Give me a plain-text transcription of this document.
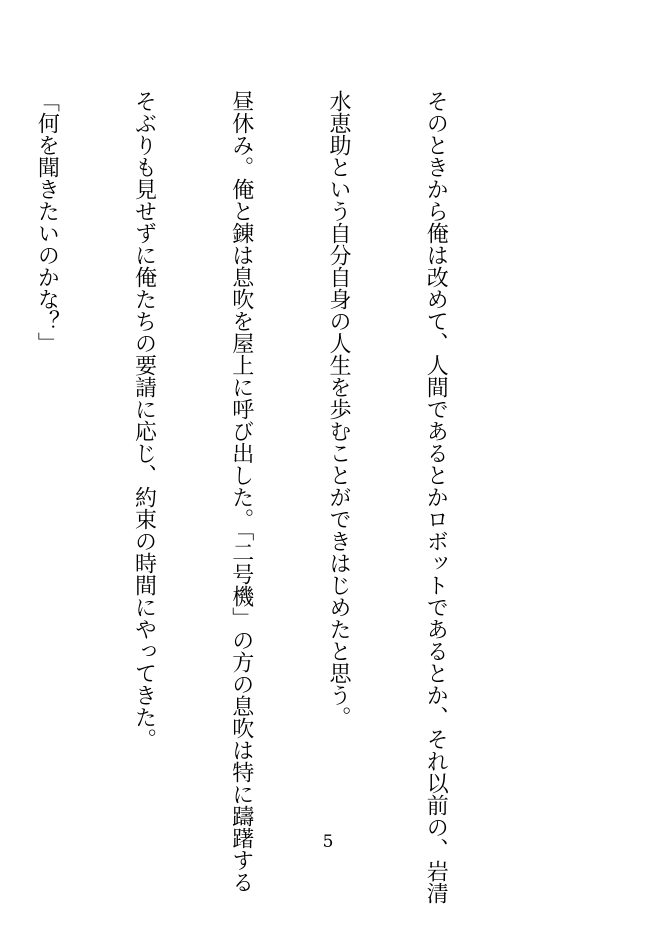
そのときから俺は改めて、人間であるとかロボットであるとか、それ以前の、岩清

水恵助という自分自身の人生を歩むことができはじめたと思う。

昼休み。俺と錬は息吹を屋上に呼び出した。「二号機」の方の息吹は特に躊躇する

そぶりも見せずに俺たちの要請に応じ、約束の時間にやってきた。

「何を聞きたいのかな？」

5
